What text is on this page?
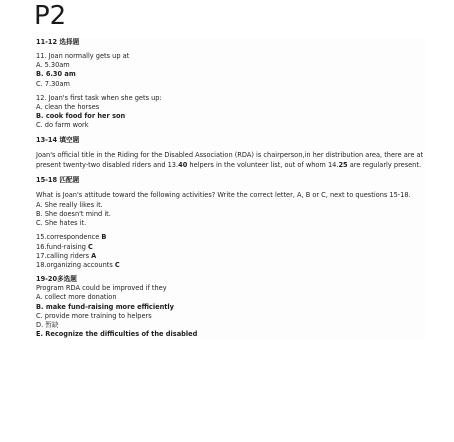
P2

11-12 选择题

11. Joan normally gets up at

A. 5.30am

B. 6.30 am

C. 7.30am

12. Joan's first task when she gets up:

A. clean the horses

B. cook food for her son

C. do farm work

13-14 填空题

Joan's official title in the Riding for the Disabled Association (RDA) is chairperson,in her distribution area, there are at present twenty-two disabled riders and 13.40 helpers in the volunteer list, out of whom 14.25 are regularly present.

15-18 匹配题

What is Joan's attitude toward the following activities? Write the correct letter, A, B or C, next to questions 15-18.

A. She really likes it.

B. She doesn't mind it.

C. She hates it.

15.correspondence B

16.fund-raising C

17.calling riders A

18.organizing accounts C

19-20多选题

Program RDA could be improved if they

A. collect more donation

B. make fund-raising more efficiently

C. provide more training to helpers

D. 暂缺

E. Recognize the difficulties of the disabled
